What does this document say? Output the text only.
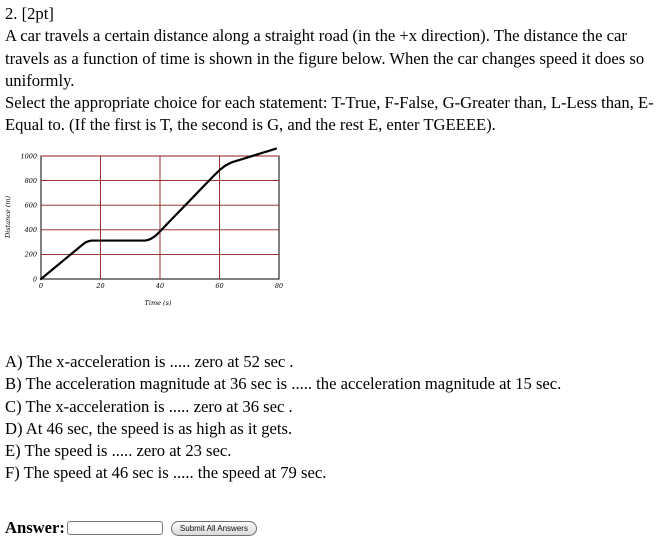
2. [2pt]

A car travels a certain distance along a straight road (in the +x direction). The distance the car travels as a function of time is shown in the figure below. When the car changes speed it does so uniformly.

Select the appropriate choice for each statement: T-True, F-False, G-Greater than, L-Less than, E-Equal to. (If the first is T, the second is G, and the rest E, enter TGEEEE).

0
200
400
600
800
1000
0	20	40	60	80
Time (s)
Distance (m)
A) The x-acceleration is ..... zero at 52 sec .
B) The acceleration magnitude at 36 sec is ..... the acceleration magnitude at 15 sec.
C) The x-acceleration is ..... zero at 36 sec .
D) At 46 sec, the speed is as high as it gets.
E) The speed is ..... zero at 23 sec.
F) The speed at 46 sec is ..... the speed at 79 sec.
Answer:	Submit All Answers
